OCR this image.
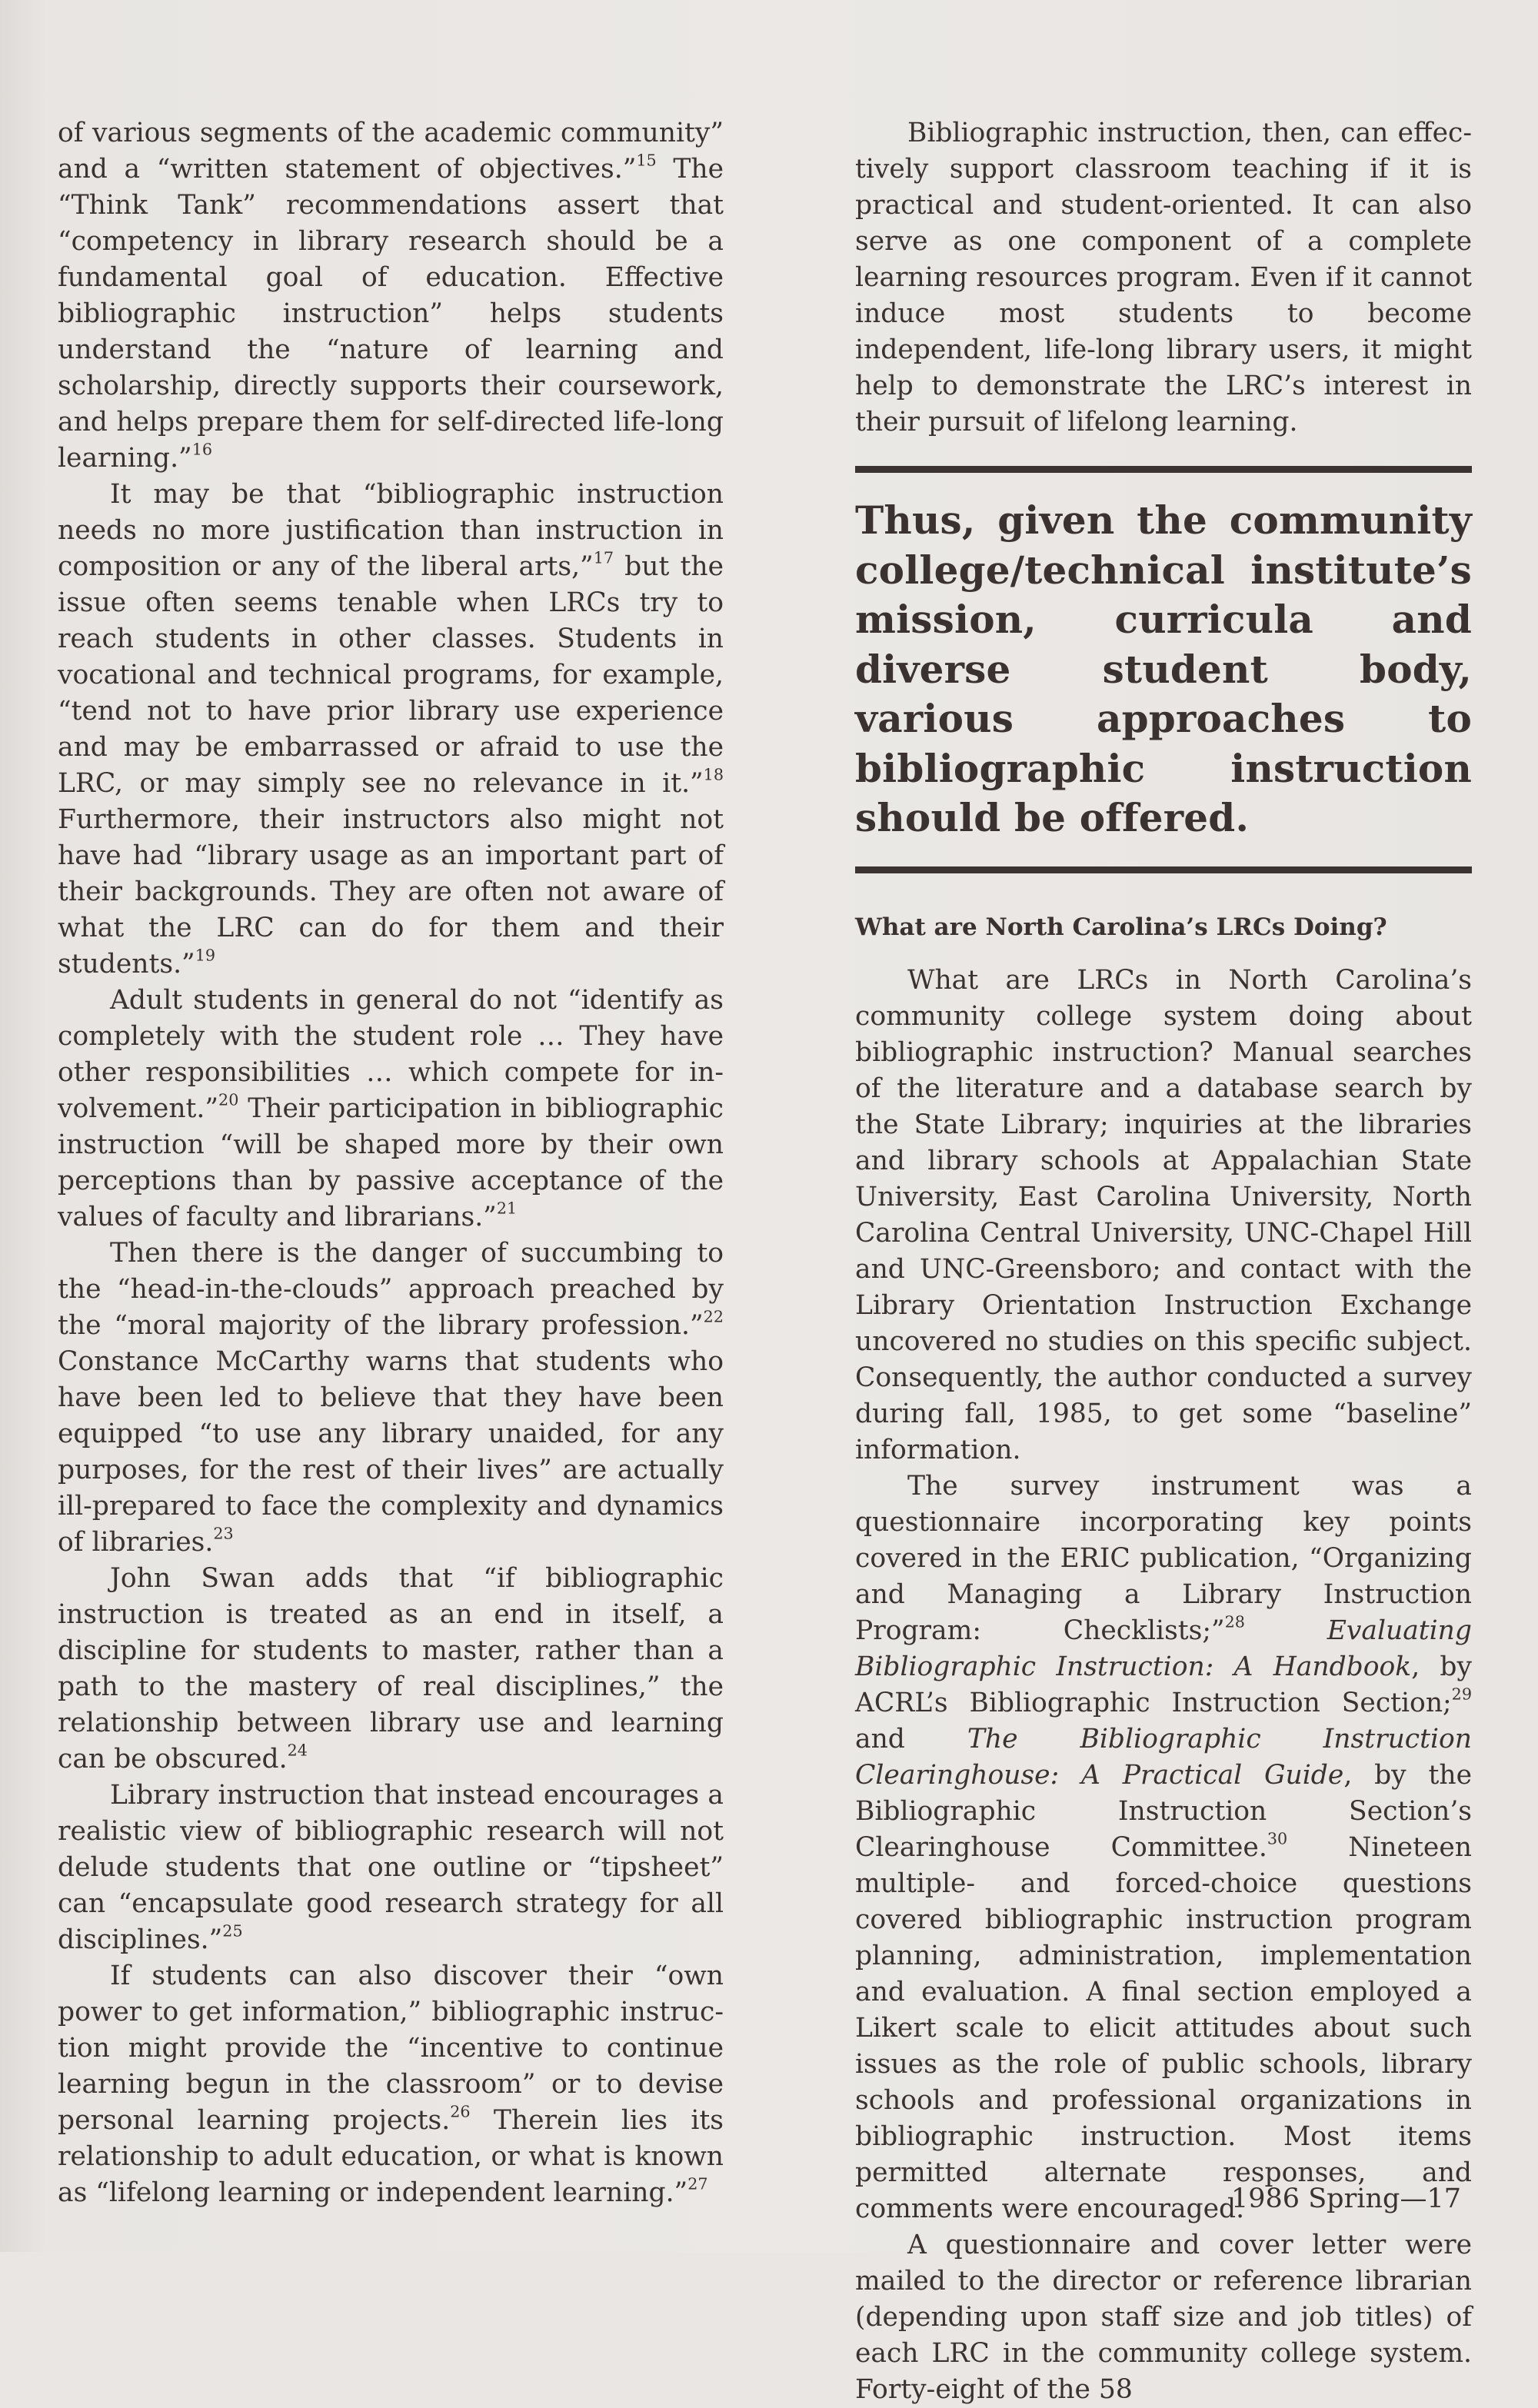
of various segments of the academic community” and a “written statement of objectives.”$^{15}$ The “Think Tank” recommendations assert that “competency in library research should be a fundamental goal of education. Effective bibliographic instruction” helps students understand the “nature of learning and scholarship, directly supports their coursework, and helps prepare them for self-directed life-long learning.”$^{16}$

It may be that “bibliographic instruction needs no more justification than instruction in composition or any of the liberal arts,”$^{17}$ but the issue often seems tenable when LRCs try to reach students in other classes. Students in vocational and technical programs, for example, “tend not to have prior library use experience and may be embarrassed or afraid to use the LRC, or may simply see no relevance in it.”$^{18}$ Furthermore, their instructors also might not have had “library usage as an important part of their backgrounds. They are often not aware of what the LRC can do for them and their students.”$^{19}$

Adult students in general do not “identify as completely with the student role … They have other responsibilities … which compete for involvement.”$^{20}$ Their participation in bibliographic instruction “will be shaped more by their own perceptions than by passive acceptance of the values of faculty and librarians.”$^{21}$

Then there is the danger of succumbing to the “head-in-the-clouds” approach preached by the “moral majority of the library profession.”$^{22}$ Constance McCarthy warns that students who have been led to believe that they have been equipped “to use any library unaided, for any purposes, for the rest of their lives” are actually ill-prepared to face the complexity and dynamics of libraries.$^{23}$

John Swan adds that “if bibliographic instruction is treated as an end in itself, a discipline for students to master, rather than a path to the mastery of real disciplines,” the relationship between library use and learning can be obscured.$^{24}$

Library instruction that instead encourages a realistic view of bibliographic research will not delude students that one outline or “tipsheet” can “encapsulate good research strategy for all disciplines.”$^{25}$

If students can also discover their “own power to get information,” bibliographic instruction might provide the “incentive to continue learning begun in the classroom” or to devise personal learning projects.$^{26}$ Therein lies its relationship to adult education, or what is known as “lifelong learning or independent learning.”$^{27}$

Bibliographic instruction, then, can effectively support classroom teaching if it is practical and student-oriented. It can also serve as one component of a complete learning resources program. Even if it cannot induce most students to become independent, life-long library users, it might help to demonstrate the LRC’s interest in their pursuit of lifelong learning.

Thus, given the community college/technical institute’s mission, curricula and diverse student body, various approaches to bibliographic instruction should be offered.

What are North Carolina’s LRCs Doing?

What are LRCs in North Carolina’s community college system doing about bibliographic instruction? Manual searches of the literature and a database search by the State Library; inquiries at the libraries and library schools at Appalachian State University, East Carolina University, North Carolina Central University, UNC-Chapel Hill and UNC-Greensboro; and contact with the Library Orientation Instruction Exchange uncovered no studies on this specific subject. Consequently, the author conducted a survey during fall, 1985, to get some “baseline” information.

The survey instrument was a questionnaire incorporating key points covered in the ERIC publication, “Organizing and Managing a Library Instruction Program: Checklists;”$^{28}$	Evaluating Bibliographic Instruction: A Handbook, by ACRL’s Bibliographic Instruction Section;$^{29}$ and The Bibliographic Instruction Clearinghouse: A Practical Guide, by the Bibliographic Instruction Section’s Clearinghouse Committee.$^{30}$ Nineteen multiple- and forced-choice questions covered bibliographic instruction program planning, administration, implementation and evaluation. A final section employed a Likert scale to elicit attitudes about such issues as the role of public schools, library schools and professional organizations in bibliographic instruction. Most items permitted alternate responses, and comments were encouraged.

A questionnaire and cover letter were mailed to the director or reference librarian (depending upon staff size and job titles) of each LRC in the community college system. Forty-eight of the 58

1986 Spring—17
